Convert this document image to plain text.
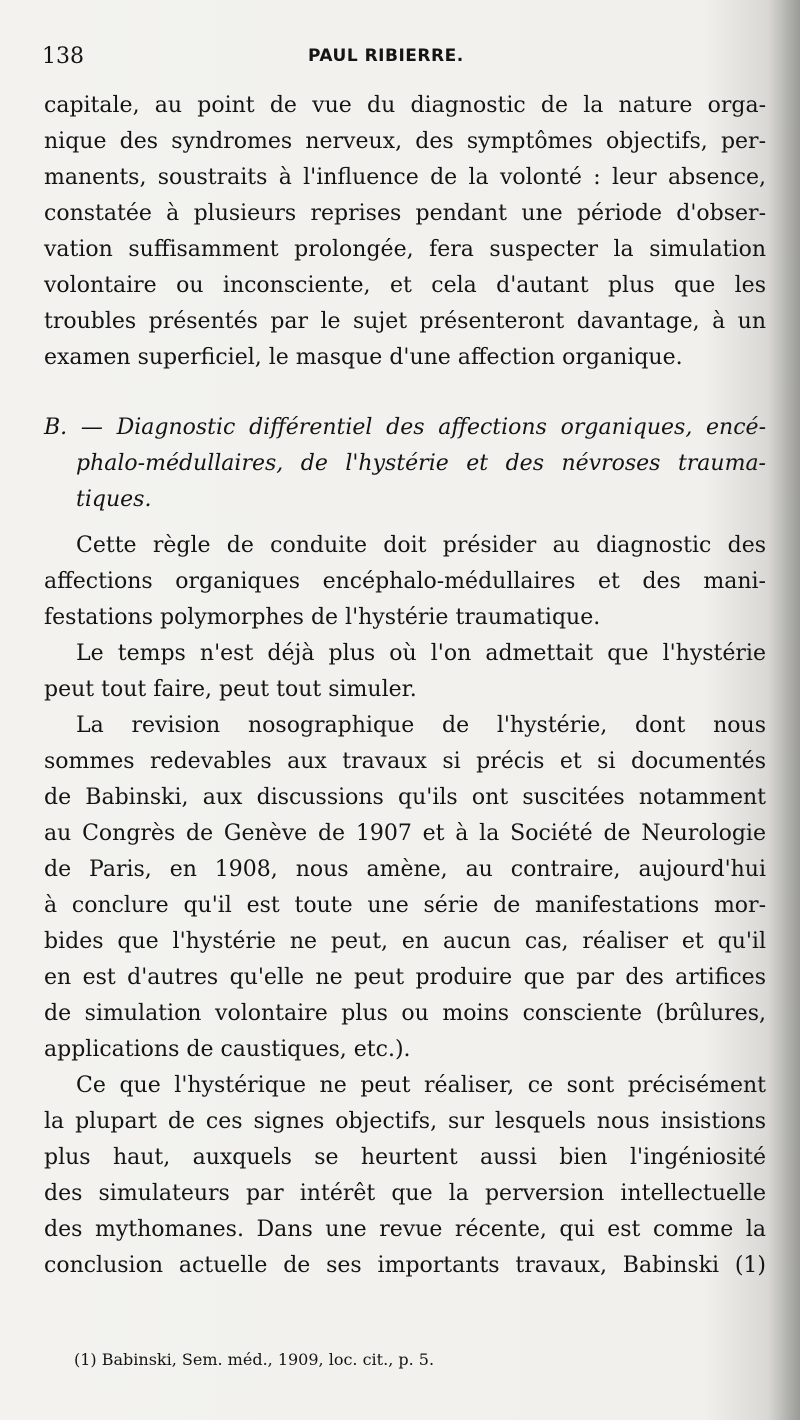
138	PAUL RIBIERRE.
capitale, au point de vue du diagnostic de la nature orga-
nique des syndromes nerveux, des symptômes objectifs, per-
manents, soustraits à l'influence de la volonté : leur absence,
constatée à plusieurs reprises pendant une période d'obser-
vation suffisamment prolongée, fera suspecter la simulation
volontaire ou inconsciente, et cela d'autant plus que les
troubles présentés par le sujet présenteront davantage, à un
examen superficiel, le masque d'une affection organique.
B. — Diagnostic différentiel des affections organiques, encé-
phalo-médullaires, de l'hystérie et des névroses trauma-
tiques.
Cette règle de conduite doit présider au diagnostic des
affections organiques encéphalo-médullaires et des mani-
festations polymorphes de l'hystérie traumatique.
Le temps n'est déjà plus où l'on admettait que l'hystérie
peut tout faire, peut tout simuler.
La revision nosographique de l'hystérie, dont nous
sommes redevables aux travaux si précis et si documentés
de Babinski, aux discussions qu'ils ont suscitées notamment
au Congrès de Genève de 1907 et à la Société de Neurologie
de Paris, en 1908, nous amène, au contraire, aujourd'hui
à conclure qu'il est toute une série de manifestations mor-
bides que l'hystérie ne peut, en aucun cas, réaliser et qu'il
en est d'autres qu'elle ne peut produire que par des artifices
de simulation volontaire plus ou moins consciente (brûlures,
applications de caustiques, etc.).
Ce que l'hystérique ne peut réaliser, ce sont précisément
la plupart de ces signes objectifs, sur lesquels nous insistions
plus haut, auxquels se heurtent aussi bien l'ingéniosité
des simulateurs par intérêt que la perversion intellectuelle
des mythomanes. Dans une revue récente, qui est comme la
conclusion actuelle de ses importants travaux, Babinski (1)
(1) Babinski, Sem. méd., 1909, loc. cit., p. 5.
